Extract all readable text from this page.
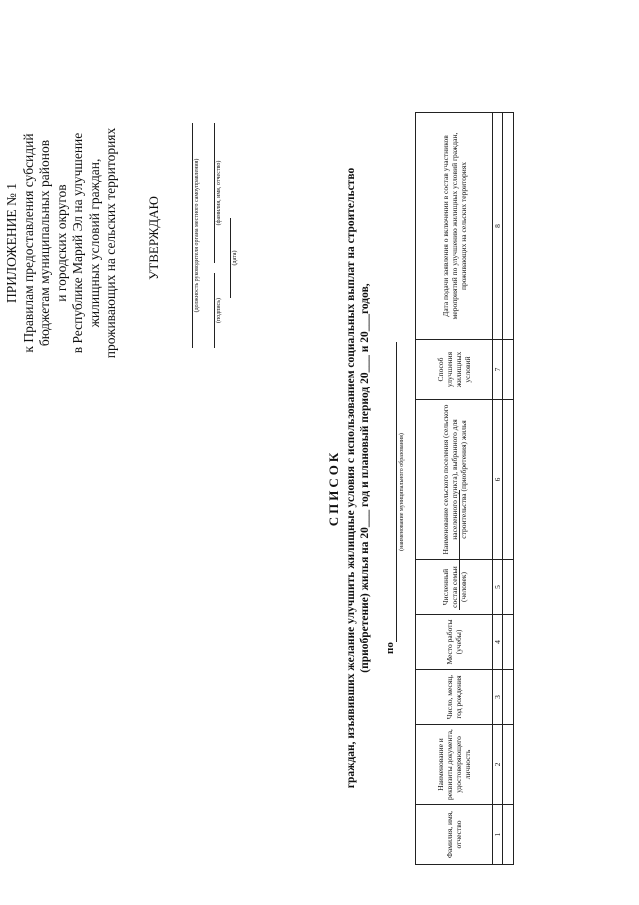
ПРИЛОЖЕНИЕ № 1 к Правилам предоставления субсидий бюджетам муниципальных районов и городских округов в Республике Марий Эл на улучшение жилищных условий граждан, проживающих на сельских территориях УТВЕРЖДАЮ	(должность руководителя органа местного самоуправления)	(подпись)
(фамилия, имя, отчество)
(дата)
СПИСОК граждан, изъявивших желание улучшить жилищные условия с использованием социальных выплат на строительство (приобретение) жилья на 20___ год и плановый период 20___ и 20___годов, по
(наименование муниципального образования)
Фамилия, имя, отчество	Наименование и реквизиты документа, удостоверяющего личность	Число, месяц, год рождения	Место работы (учебы)	Численный состав семьи (человек)	Наименование сельского поселения (сельского населенного пункта), выбранного для строительства (приобретения) жилья	Способ улучшения жилищных условий	Дата подачи заявления о включении в состав участников мероприятий по улучшению жилищных условий граждан, проживающих на сельских территориях
1	2	3	4	5	6	7	8
